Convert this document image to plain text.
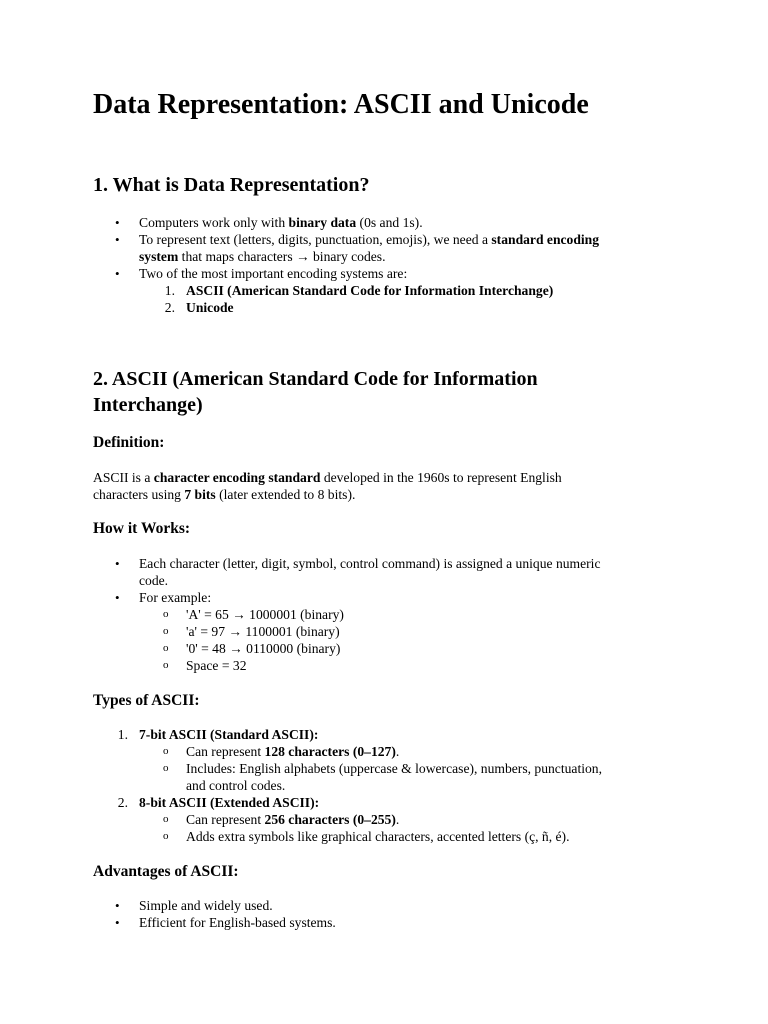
Data Representation: ASCII and Unicode
1. What is Data Representation?
• Computers work only with binary data (0s and 1s).
• To represent text (letters, digits, punctuation, emojis), we need a standard encoding
system that maps characters → binary codes.
• Two of the most important encoding systems are:
1. ASCII (American Standard Code for Information Interchange)
2. Unicode
2. ASCII (American Standard Code for Information
Interchange)
Definition:
ASCII is a character encoding standard developed in the 1960s to represent English
characters using 7 bits (later extended to 8 bits).
How it Works:
• Each character (letter, digit, symbol, control command) is assigned a unique numeric
code.
• For example:
o 'A' = 65 → 1000001 (binary)
o 'a' = 97 → 1100001 (binary)
o '0' = 48 → 0110000 (binary)
o Space = 32
Types of ASCII:
1. 7-bit ASCII (Standard ASCII):
o Can represent 128 characters (0–127).
o Includes: English alphabets (uppercase & lowercase), numbers, punctuation,
and control codes.
2. 8-bit ASCII (Extended ASCII):
o Can represent 256 characters (0–255).
o Adds extra symbols like graphical characters, accented letters (ç, ñ, é).
Advantages of ASCII:
• Simple and widely used.
• Efficient for English-based systems.
